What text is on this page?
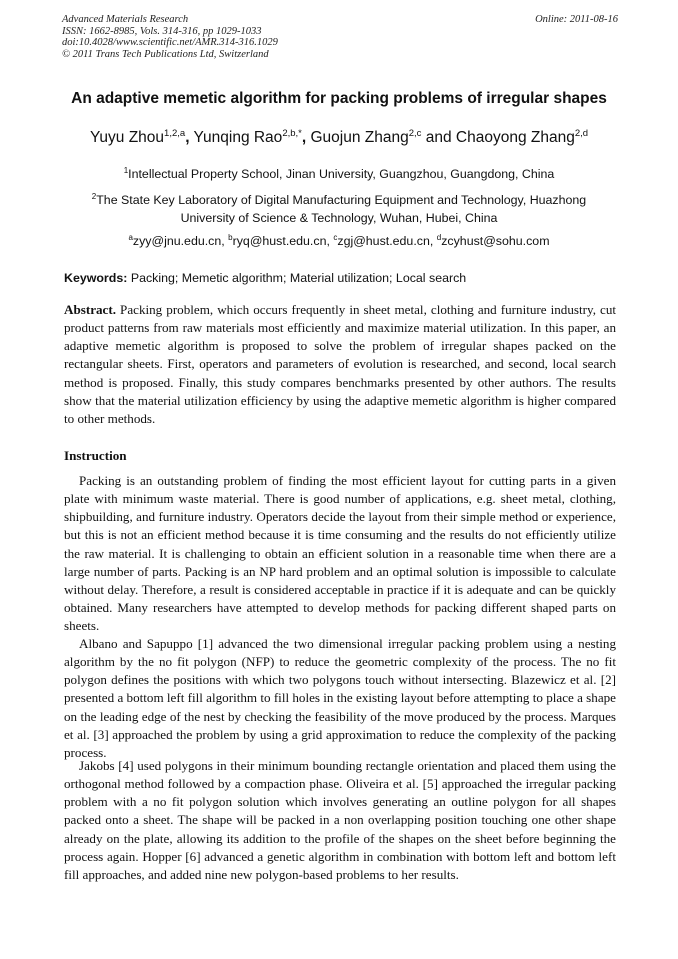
Advanced Materials Research
ISSN: 1662-8985, Vols. 314-316, pp 1029-1033
doi:10.4028/www.scientific.net/AMR.314-316.1029
© 2011 Trans Tech Publications Ltd, Switzerland
Online: 2011-08-16
An adaptive memetic algorithm for packing problems of irregular shapes
Yuyu Zhou$^{1,2,a}$, Yunqing Rao$^{2,b,*}$, Guojun Zhang$^{2,c}$ and Chaoyong Zhang$^{2,d}$
$^1$Intellectual Property School, Jinan University, Guangzhou, Guangdong, China
$^2$The State Key Laboratory of Digital Manufacturing Equipment and Technology, Huazhong
University of Science & Technology, Wuhan, Hubei, China
$^a$zyy@jnu.edu.cn, $^b$ryq@hust.edu.cn, $^c$zgj@hust.edu.cn, $^d$zcyhust@sohu.com
Keywords: Packing; Memetic algorithm; Material utilization; Local search
Abstract. Packing problem, which occurs frequently in sheet metal, clothing and furniture industry, cut product patterns from raw materials most efficiently and maximize material utilization. In this paper, an adaptive memetic algorithm is proposed to solve the problem of irregular shapes packed on the rectangular sheets. First, operators and parameters of evolution is researched, and second, local search method is proposed. Finally, this study compares benchmarks presented by other authors. The results show that the material utilization efficiency by using the adaptive memetic algorithm is higher compared to other methods.
Instruction

Packing is an outstanding problem of finding the most efficient layout for cutting parts in a given plate with minimum waste material. There is good number of applications, e.g. sheet metal, clothing, shipbuilding, and furniture industry. Operators decide the layout from their simple method or experience, but this is not an efficient method because it is time consuming and the results do not efficiently utilize the raw material. It is challenging to obtain an efficient solution in a reasonable time when there are a large number of parts. Packing is an NP hard problem and an optimal solution is impossible to calculate without delay. Therefore, a result is considered acceptable in practice if it is adequate and can be quickly obtained. Many researchers have attempted to develop methods for packing different shaped parts on sheets.

Albano and Sapuppo [1] advanced the two dimensional irregular packing problem using a nesting algorithm by the no fit polygon (NFP) to reduce the geometric complexity of the process. The no fit polygon defines the positions with which two polygons touch without intersecting. Blazewicz et al. [2] presented a bottom left fill algorithm to fill holes in the existing layout before attempting to place a shape on the leading edge of the nest by checking the feasibility of the move produced by the process. Marques et al. [3] approached the problem by using a grid approximation to reduce the complexity of the packing process.

Jakobs [4] used polygons in their minimum bounding rectangle orientation and placed them using the orthogonal method followed by a compaction phase. Oliveira et al. [5] approached the irregular packing problem with a no fit polygon solution which involves generating an outline polygon for all shapes packed onto a sheet. The shape will be packed in a non overlapping position touching one other shape already on the plate, allowing its addition to the profile of the shapes on the sheet before beginning the process again. Hopper [6] advanced a genetic algorithm in combination with bottom left and bottom left fill approaches, and added nine new polygon-based problems to her results.
